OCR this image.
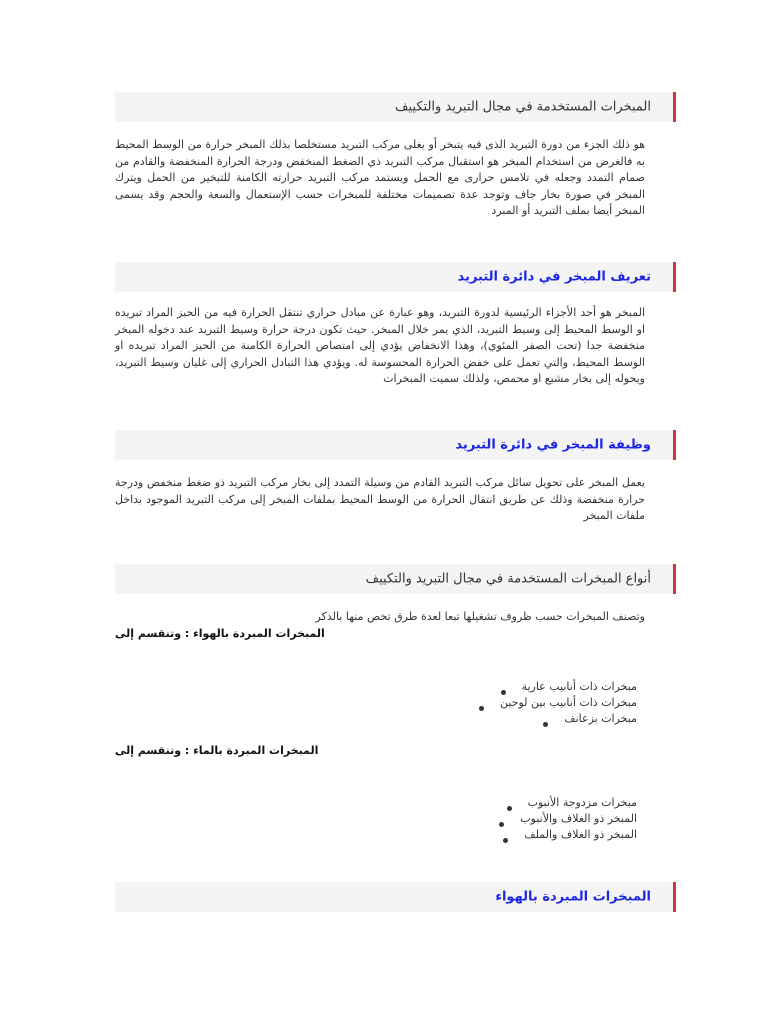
المبخرات المستخدمة في مجال التبريد والتكييف
هو ذلك الجزء من دورة التبريد الذى فيه يتبخر أو يغلى مركب التبريد مستخلصا بذلك المبخر حرارة من الوسط المحيط به فالغرض من استخدام المبخر هو استقبال مركب التبريد ذي الضغط المنخفض ودرجة الحرارة المنخفضة والقادم من صمام التمدد وجعله في تلامس حرارى مع الحمل ويستمد مركب التبريد حرارته الكامنة للتبخير من الحمل ويترك المبخر في صورة بخار جاف وتوجد عدة تصميمات مختلفة للمبخرات حسب الإستعمال والسعة والحجم وقد يسمى المبخر أيضا بملف التبريد أو المبرد
تعريف المبخر في دائرة التبريد
المبخر هو أحد الأجزاء الرئيسية لدورة التبريد، وهو عبارة عن مبادل حراري تنتقل الحرارة فيه من الحيز المراد تبريده او الوسط المحيط إلى وسيط التبريد، الذي يمر خلال المبخر. حيث تكون درجة حرارة وسيط التبريد عند دخوله المبخر منخفضة جدا (تحت الصفر المئوي)، وهذا الانخفاض يؤدي إلى امتصاص الحرارة الكامنة من الحيز المراد تبريده او الوسط المحيط، والتي تعمل على خفض الحرارة المحسوسة له. ويؤدي هذا التبادل الحراري إلى غليان وسيط التبريد، ويحوله إلى بخار مشبع او محمص، ولذلك سميت المبخرات
وظيفة المبخر في دائرة التبريد
يعمل المبخر على تحويل سائل مركب التبريد القادم من وسيلة التمدد إلى بخار مركب التبريد ذو ضغط منخفض ودرجة حرارة منخفضة وذلك عن طريق انتقال الحرارة من الوسط المحيط بملفات المبخر إلى مركب التبريد الموجود بداخل ملفات المبخر
أنواع المبخرات المستخدمة في مجال التبريد والتكييف
وتصنف المبخرات حسب ظروف تشغيلها تبعا لعدة طرق تخص منها بالذكر
المبخرات المبردة بالهواء : وتنقسم إلى
مبخرات ذات أنابيب عارية
مبخرات ذات أنابيب بين لوحين
مبخرات بزعانف
المبخرات المبردة بالماء : وتنقسم إلى
مبخرات مزدوجة الأنبوب
المبخر ذو الغلاف والأنبوب
المبخر ذو الغلاف والملف
المبخرات المبردة بالهواء
